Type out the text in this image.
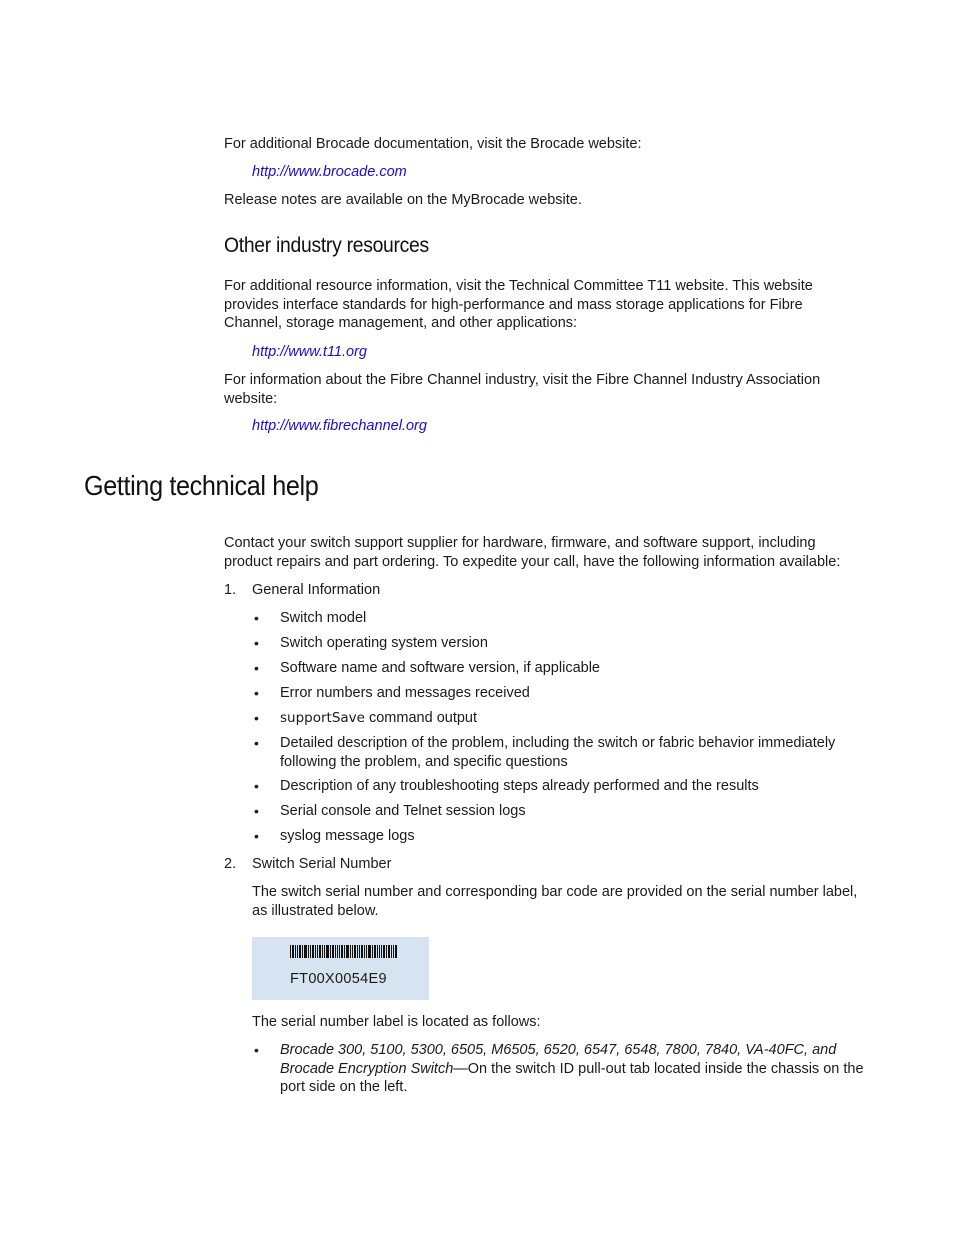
For additional Brocade documentation, visit the Brocade website:
http://www.brocade.com
Release notes are available on the MyBrocade website.
Other industry resources
For additional resource information, visit the Technical Committee T11 website. This website
provides interface standards for high-performance and mass storage applications for Fibre
Channel, storage management, and other applications:
http://www.t11.org
For information about the Fibre Channel industry, visit the Fibre Channel Industry Association
website:
http://www.fibrechannel.org
Getting technical help
Contact your switch support supplier for hardware, firmware, and software support, including
product repairs and part ordering. To expedite your call, have the following information available:
1. General Information
• Switch model
• Switch operating system version
• Software name and software version, if applicable
• Error numbers and messages received
• supportSave command output
• Detailed description of the problem, including the switch or fabric behavior immediately
following the problem, and specific questions
• Description of any troubleshooting steps already performed and the results
• Serial console and Telnet session logs
• syslog message logs
2. Switch Serial Number
The switch serial number and corresponding bar code are provided on the serial number label,
as illustrated below.
FT00X0054E9
The serial number label is located as follows:
• Brocade 300, 5100, 5300, 6505, M6505, 6520, 6547, 6548, 7800, 7840, VA-40FC, and
Brocade Encryption Switch—On the switch ID pull-out tab located inside the chassis on the
port side on the left.
